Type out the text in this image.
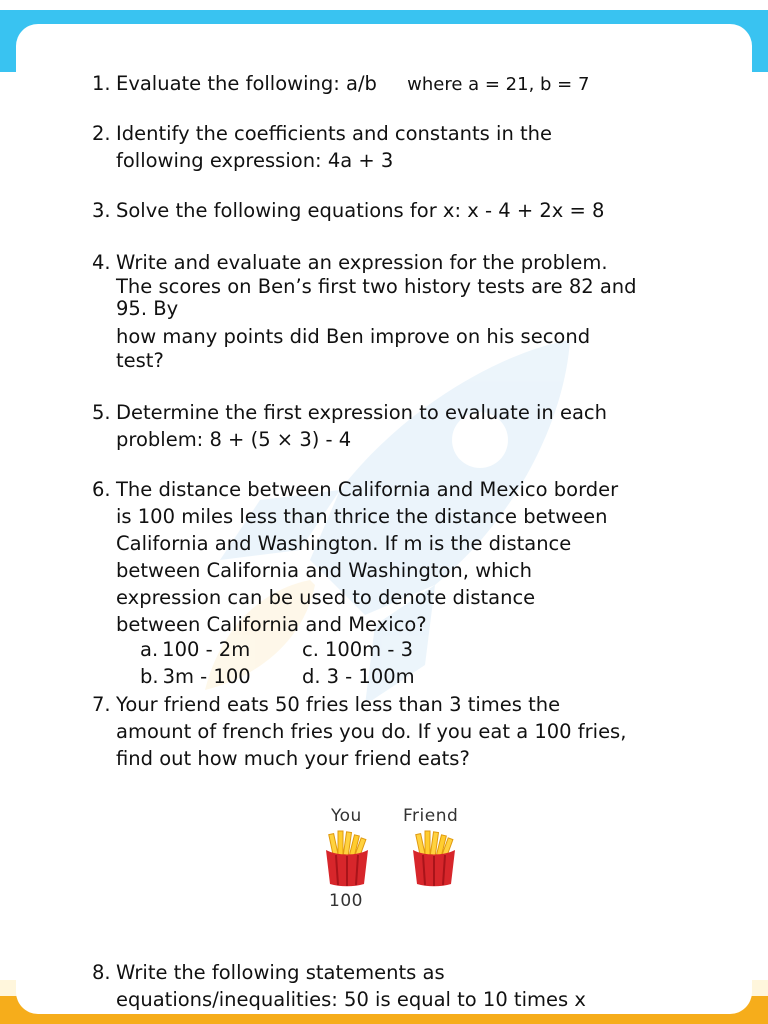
1. Evaluate the following: a/b where a = 21, b = 7
2. Identify the coefficients and constants in the
following expression: 4a + 3
3. Solve the following equations for x: x - 4 + 2x = 8
4. Write and evaluate an expression for the problem.
The scores on Ben’s first two history tests are 82 and
95. By
how many points did Ben improve on his second
test?
5. Determine the first expression to evaluate in each
problem: 8 + (5 × 3) - 4
6. The distance between California and Mexico border
is 100 miles less than thrice the distance between
California and Washington. If m is the distance
between California and Washington, which
expression can be used to denote distance
between California and Mexico?
a. 100 - 2m	c. 100m - 3
b. 3m - 100	d. 3 - 100m
7. Your friend eats 50 fries less than 3 times the
amount of french fries you do. If you eat a 100 fries,
find out how much your friend eats?
You Friend
100
8. Write the following statements as
equations/inequalities: 50 is equal to 10 times x
